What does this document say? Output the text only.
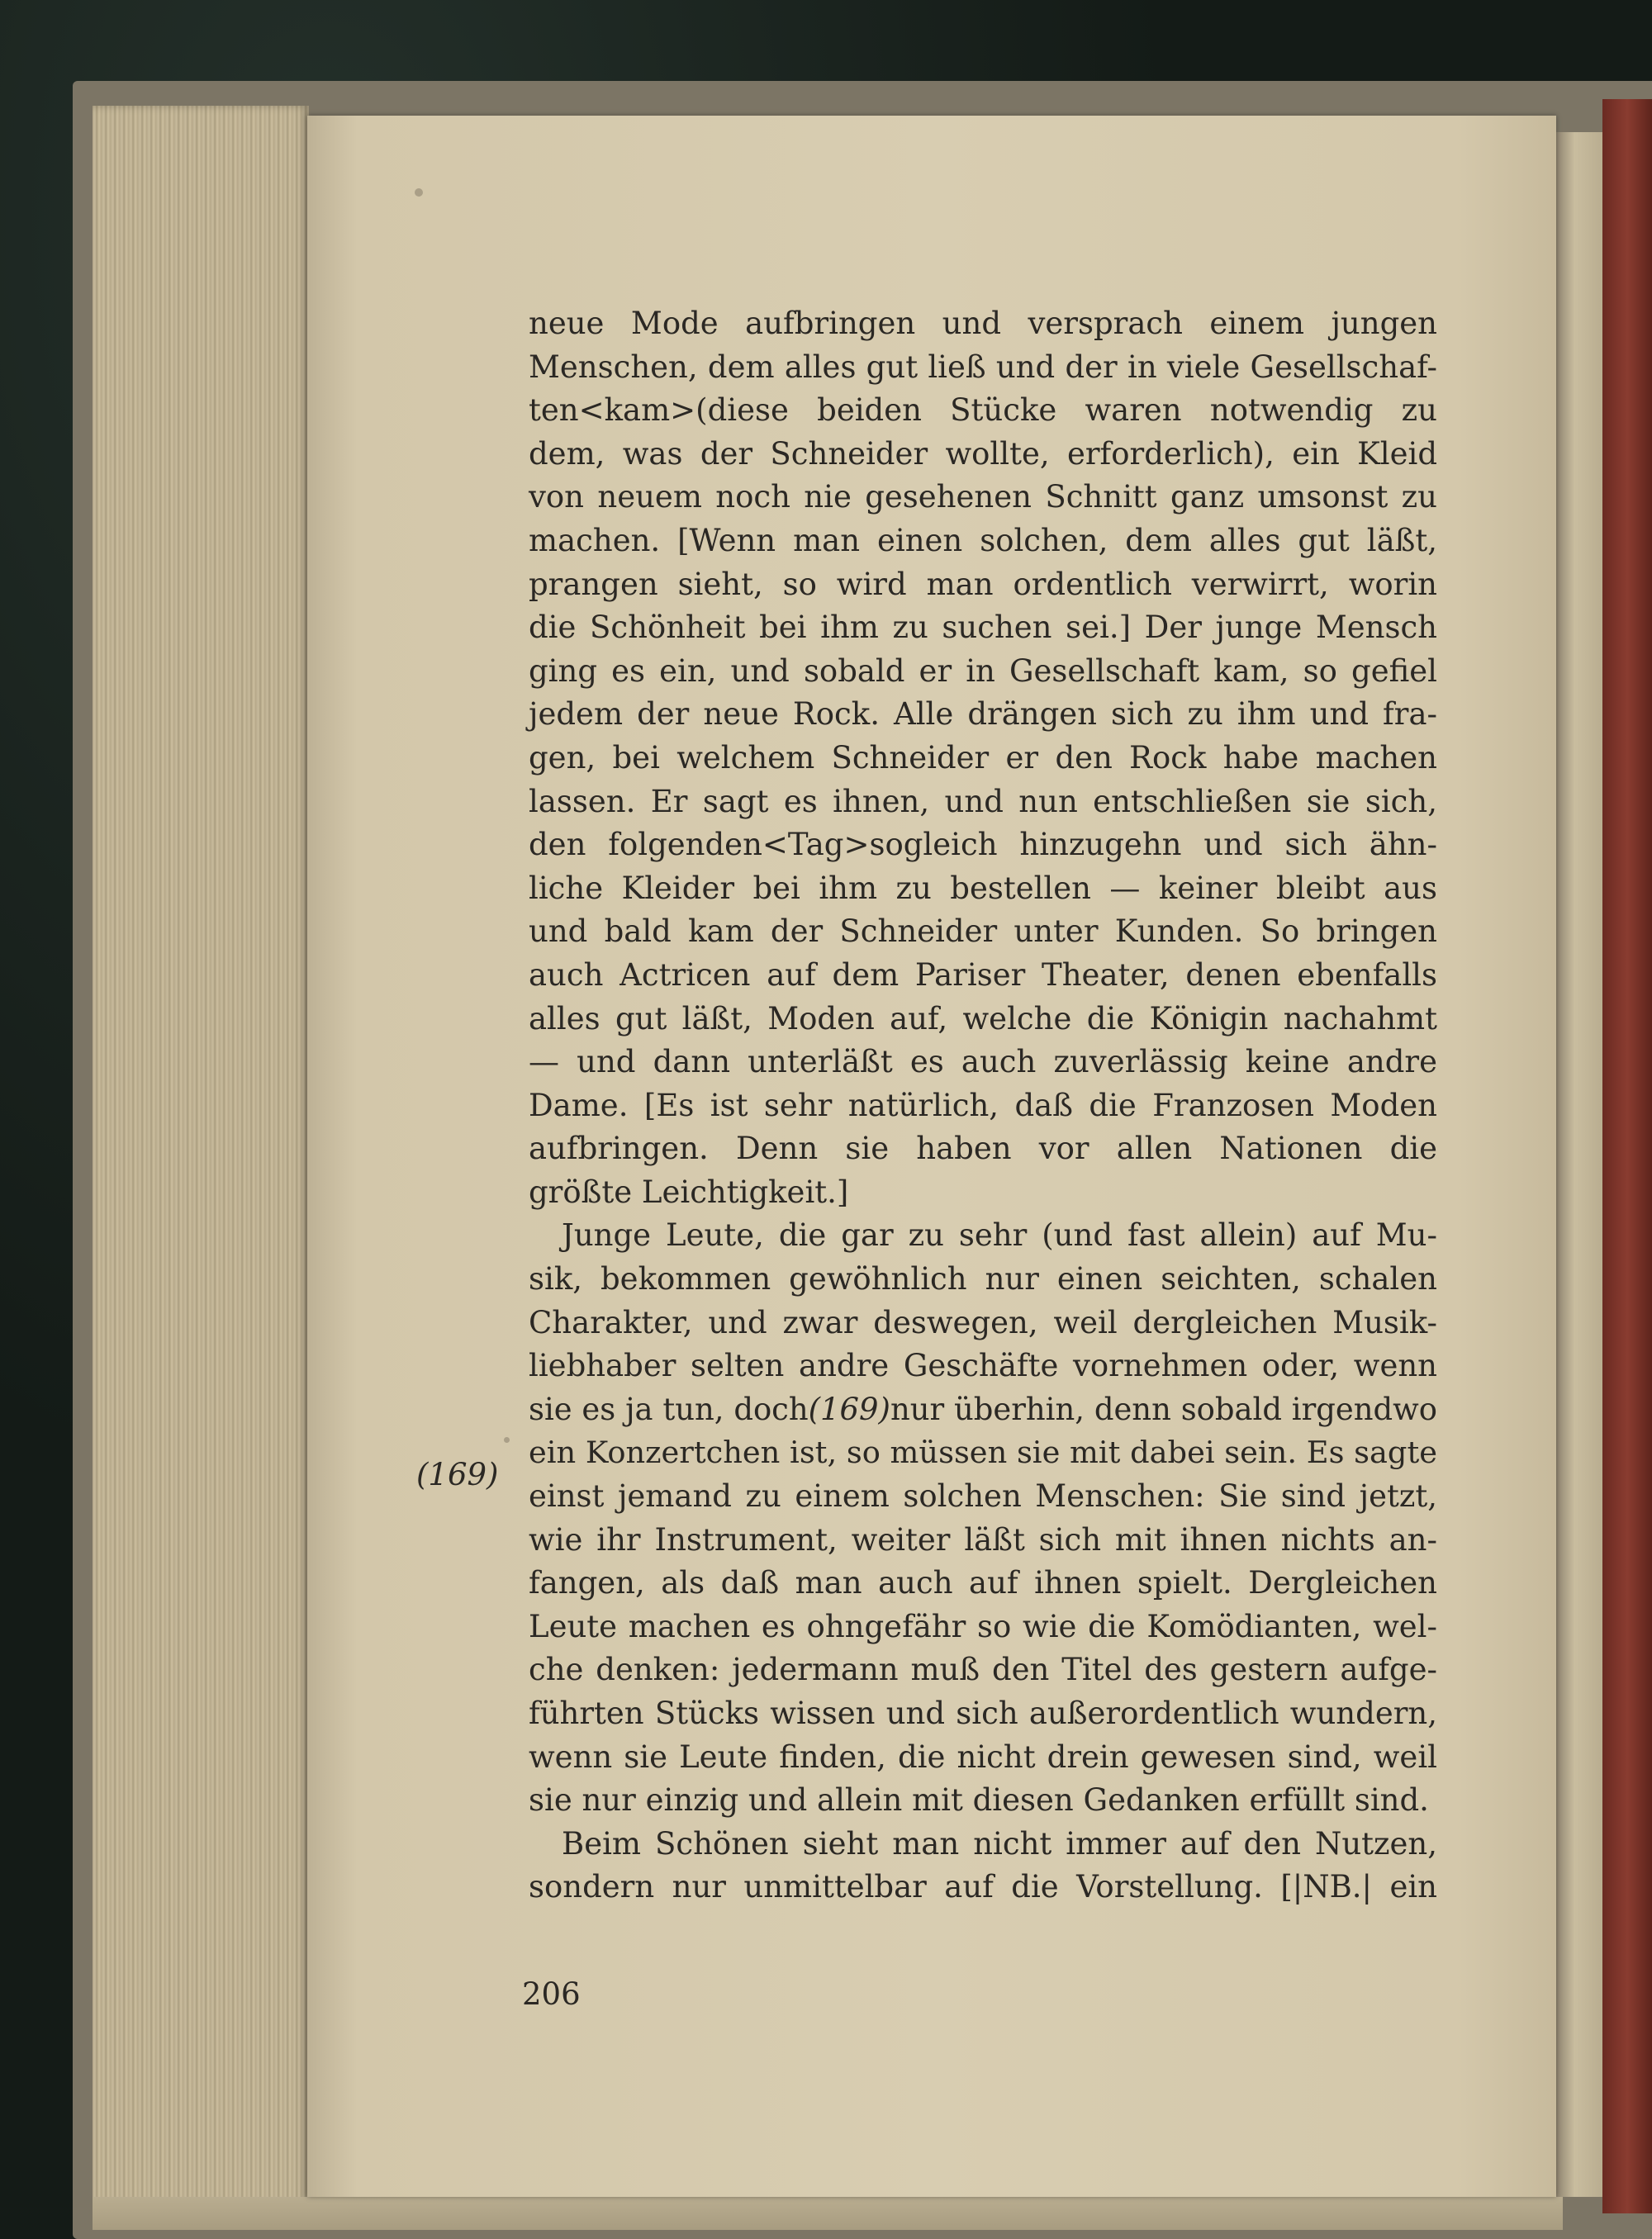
neue Mode aufbringen und versprach einem jungen
Menschen, dem alles gut ließ und der in viele Gesellschaf-
ten<kam>(diese beiden Stücke waren notwendig zu
dem, was der Schneider wollte, erforderlich), ein Kleid
von neuem noch nie gesehenen Schnitt ganz umsonst zu
machen. [Wenn man einen solchen, dem alles gut läßt,
prangen sieht, so wird man ordentlich verwirrt, worin
die Schönheit bei ihm zu suchen sei.] Der junge Mensch
ging es ein, und sobald er in Gesellschaft kam, so gefiel
jedem der neue Rock. Alle drängen sich zu ihm und fra-
gen, bei welchem Schneider er den Rock habe machen
lassen. Er sagt es ihnen, und nun entschließen sie sich,
den folgenden<Tag>sogleich hinzugehn und sich ähn-
liche Kleider bei ihm zu bestellen — keiner bleibt aus
und bald kam der Schneider unter Kunden. So bringen
auch Actricen auf dem Pariser Theater, denen ebenfalls
alles gut läßt, Moden auf, welche die Königin nachahmt
— und dann unterläßt es auch zuverlässig keine andre
Dame. [Es ist sehr natürlich, daß die Franzosen Moden
aufbringen. Denn sie haben vor allen Nationen die
größte Leichtigkeit.]
Junge Leute, die gar zu sehr (und fast allein) auf Mu-
sik, bekommen gewöhnlich nur einen seichten, schalen
Charakter, und zwar deswegen, weil dergleichen Musik-
liebhaber selten andre Geschäfte vornehmen oder, wenn
sie es ja tun, doch(169)nur überhin, denn sobald irgendwo
ein Konzertchen ist, so müssen sie mit dabei sein. Es sagte
einst jemand zu einem solchen Menschen: Sie sind jetzt,
wie ihr Instrument, weiter läßt sich mit ihnen nichts an-
fangen, als daß man auch auf ihnen spielt. Dergleichen
Leute machen es ohngefähr so wie die Komödianten, wel-
che denken: jedermann muß den Titel des gestern aufge-
führten Stücks wissen und sich außerordentlich wundern,
wenn sie Leute finden, die nicht drein gewesen sind, weil
sie nur einzig und allein mit diesen Gedanken erfüllt sind.
Beim Schönen sieht man nicht immer auf den Nutzen,
sondern nur unmittelbar auf die Vorstellung. [|NB.| ein
(169)
206
